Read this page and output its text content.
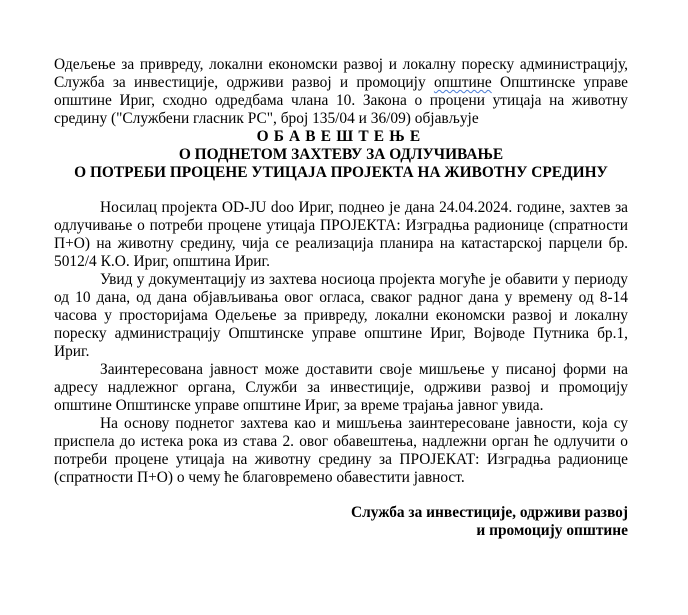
Одељење за привреду, локални економски развој и локалну пореску администрацију, Служба за инвестиције, одрживи развој и промоцију општине Општинске управе општине Ириг, сходно одредбама члана 10. Закона о процени утицаја на животну средину ("Службени гласник РС", број 135/04 и 36/09) објављује

ОБАВЕШТЕЊЕ
О ПОДНЕТОМ ЗАХТЕВУ ЗА ОДЛУЧИВАЊЕ
О ПОТРЕБИ ПРОЦЕНЕ УТИЦАЈА ПРОЈЕКТА НА ЖИВОТНУ СРЕДИНУ

Носилац пројекта OD-JU doo Ириг, поднео је дана 24.04.2024. године, захтев за одлучивање о потреби процене утицаја ПРОЈЕКТА: Изградња радионице (спратности П+О) на животну средину, чија се реализација планира на катастарској парцели бр. 5012/4 К.О. Ириг, општина Ириг.

Увид у документацију из захтева носиоца пројекта могуће је обавити у периоду од 10 дана, од дана објављивања овог огласа, сваког радног дана у времену од 8-14 часова у просторијама Одељење за привреду, локални економски развој и локалну пореску администрацију Општинске управе општине Ириг, Војводе Путника бр.1, Ириг.

Заинтересована јавност може доставити своје мишљење у писаној форми на адресу надлежног органа, Служби за инвестиције, одрживи развој и промоцију општине Општинске управе општине Ириг, за време трајања јавног увида.

На основу поднетог захтева као и мишљења заинтересоване јавности, која су приспела до истека рока из става 2. овог обавештења, надлежни орган ће одлучити о потреби процене утицаја на животну средину за ПРОЈЕКАТ: Изградња радионице (спратности П+О) о чему ће благовремено обавестити јавност.

Служба за инвестиције, одрживи развој
и промоцију општине
